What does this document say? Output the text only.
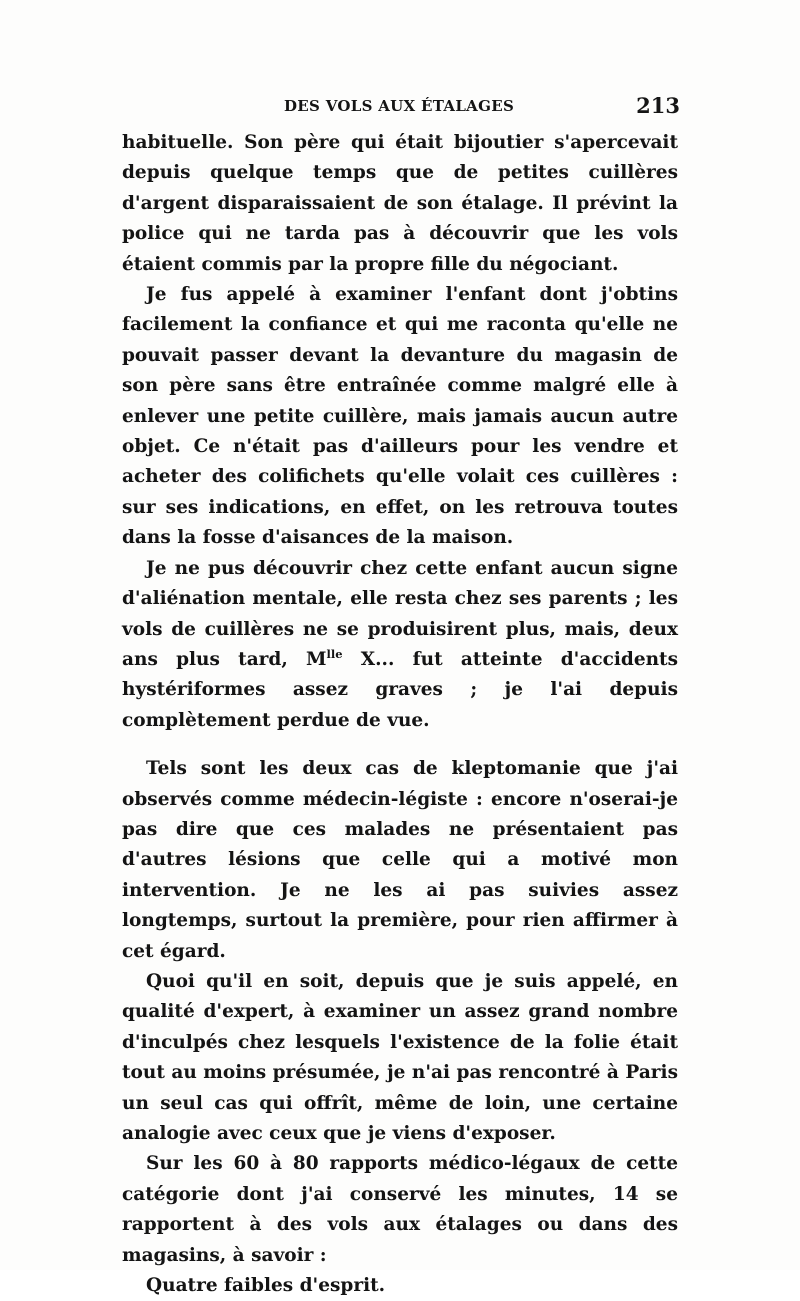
DES VOLS AUX ÉTALAGES	213

habituelle. Son père qui était bijoutier s'apercevait depuis quelque temps que de petites cuillères d'argent disparaissaient de son étalage. Il prévint la police qui ne tarda pas à découvrir que les vols étaient commis par la propre fille du négociant.

Je fus appelé à examiner l'enfant dont j'obtins facilement la confiance et qui me raconta qu'elle ne pouvait passer devant la devanture du magasin de son père sans être entraînée comme malgré elle à enlever une petite cuillère, mais jamais aucun autre objet. Ce n'était pas d'ailleurs pour les vendre et acheter des colifichets qu'elle volait ces cuillères : sur ses indications, en effet, on les retrouva toutes dans la fosse d'aisances de la maison.

Je ne pus découvrir chez cette enfant aucun signe d'aliénation mentale, elle resta chez ses parents ; les vols de cuillères ne se produisirent plus, mais, deux ans plus tard, $M^{lle}$ X... fut atteinte d'accidents hystériformes assez graves ; je l'ai depuis complètement perdue de vue.

Tels sont les deux cas de kleptomanie que j'ai observés comme médecin-légiste : encore n'oserai-je pas dire que ces malades ne présentaient pas d'autres lésions que celle qui a motivé mon intervention. Je ne les ai pas suivies assez longtemps, surtout la première, pour rien affirmer à cet égard.

Quoi qu'il en soit, depuis que je suis appelé, en qualité d'expert, à examiner un assez grand nombre d'inculpés chez lesquels l'existence de la folie était tout au moins présumée, je n'ai pas rencontré à Paris un seul cas qui offrît, même de loin, une certaine analogie avec ceux que je viens d'exposer.

Sur les 60 à 80 rapports médico-légaux de cette catégorie dont j'ai conservé les minutes, 14 se rapportent à des vols aux étalages ou dans des magasins, à savoir :

Quatre faibles d'esprit.
